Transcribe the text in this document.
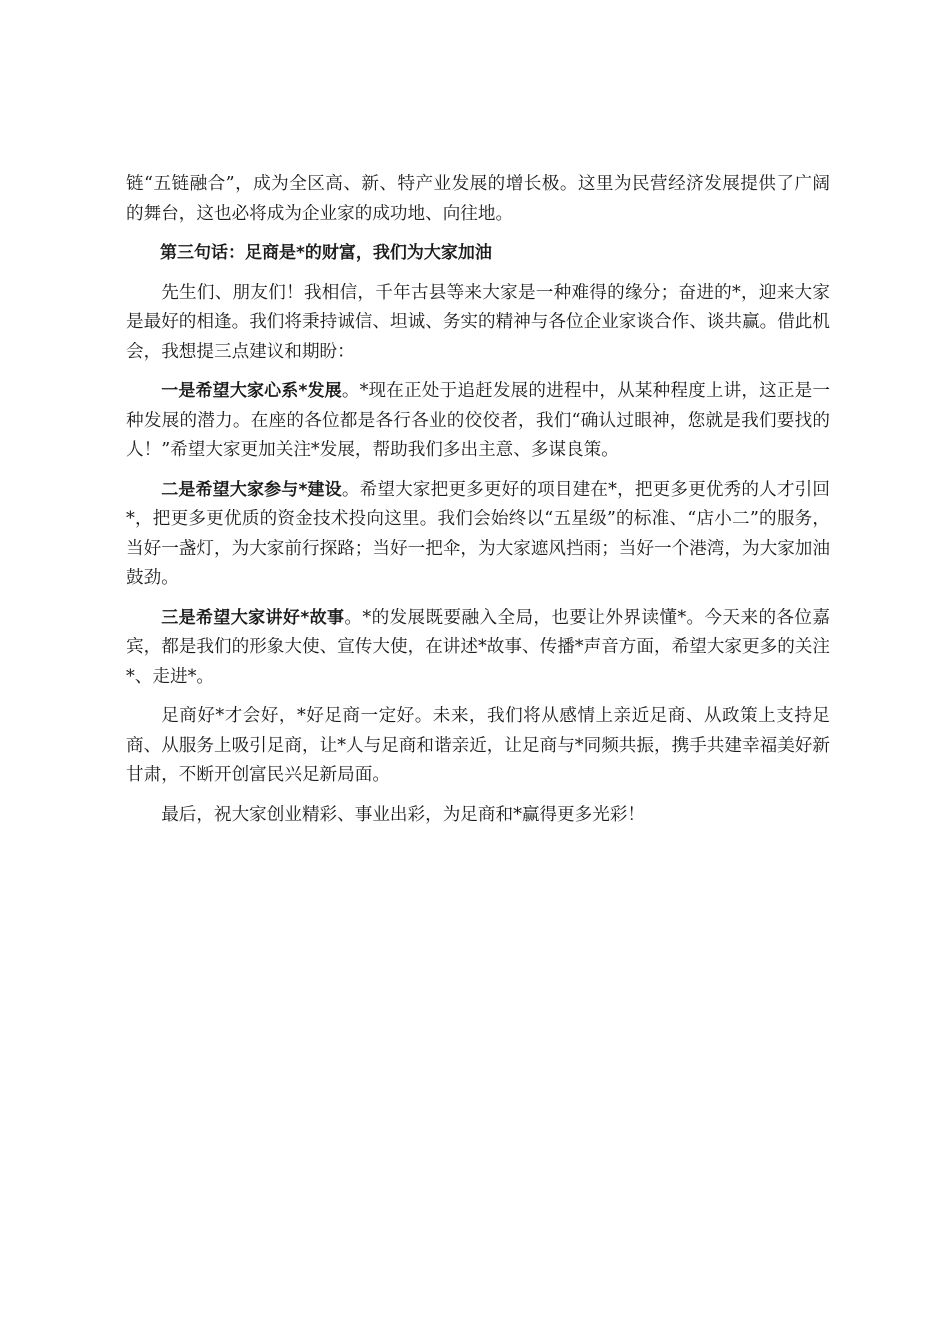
链“五链融合”，成为全区高、新、特产业发展的增长极。这里为民营经济发展提供了广阔的舞台，这也必将成为企业家的成功地、向往地。

第三句话：足商是*的财富，我们为大家加油

先生们、朋友们！我相信，千年古县等来大家是一种难得的缘分；奋进的*，迎来大家是最好的相逢。我们将秉持诚信、坦诚、务实的精神与各位企业家谈合作、谈共赢。借此机会，我想提三点建议和期盼：

一是希望大家心系*发展。*现在正处于追赶发展的进程中，从某种程度上讲，这正是一种发展的潜力。在座的各位都是各行各业的佼佼者，我们“确认过眼神，您就是我们要找的人！”希望大家更加关注*发展，帮助我们多出主意、多谋良策。

二是希望大家参与*建设。希望大家把更多更好的项目建在*，把更多更优秀的人才引回*，把更多更优质的资金技术投向这里。我们会始终以“五星级”的标准、“店小二”的服务，当好一盏灯，为大家前行探路；当好一把伞，为大家遮风挡雨；当好一个港湾，为大家加油鼓劲。

三是希望大家讲好*故事。*的发展既要融入全局，也要让外界读懂*。今天来的各位嘉宾，都是我们的形象大使、宣传大使，在讲述*故事、传播*声音方面，希望大家更多的关注*、走进*。

足商好*才会好，*好足商一定好。未来，我们将从感情上亲近足商、从政策上支持足商、从服务上吸引足商，让*人与足商和谐亲近，让足商与*同频共振，携手共建幸福美好新甘肃，不断开创富民兴足新局面。

最后，祝大家创业精彩、事业出彩，为足商和*赢得更多光彩！
